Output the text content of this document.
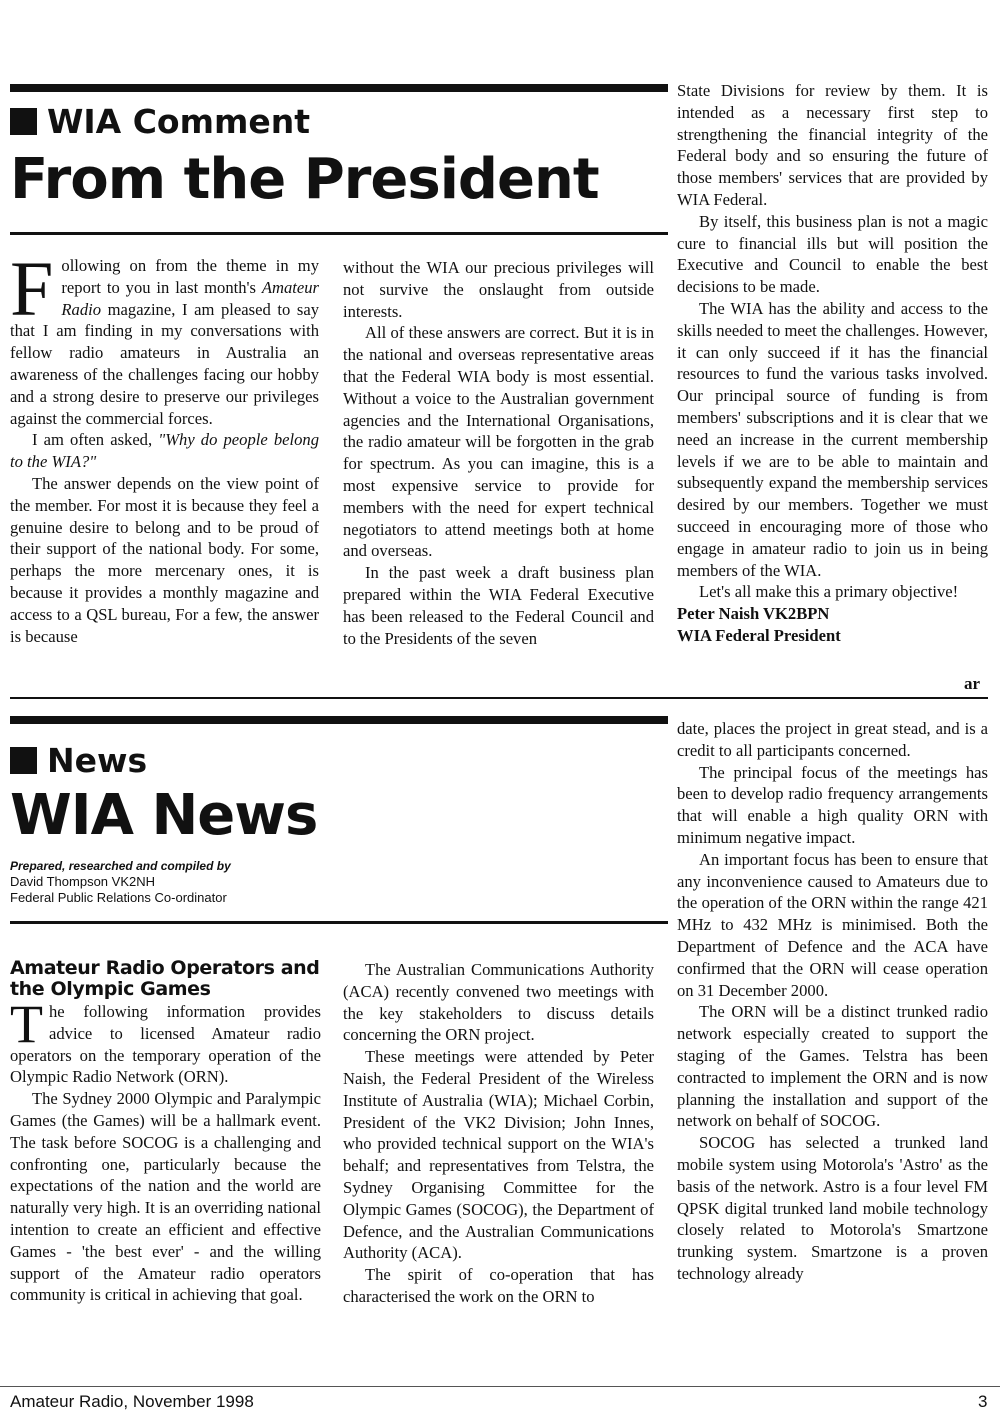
WIA Comment
From the President

Following on from the theme in my report to you in last month's Amateur Radio magazine, I am pleased to say that I am finding in my conversations with fellow radio amateurs in Australia an awareness of the challenges facing our hobby and a strong desire to preserve our privileges against the commercial forces.

I am often asked, "Why do people belong to the WIA?"

The answer depends on the view point of the member. For most it is because they feel a genuine desire to belong and to be proud of their support of the national body. For some, perhaps the more mercenary ones, it is because it provides a monthly magazine and access to a QSL bureau, For a few, the answer is because

without the WIA our precious privileges will not survive the onslaught from outside interests.

All of these answers are correct. But it is in the national and overseas representative areas that the Federal WIA body is most essential. Without a voice to the Australian government agencies and the International Organisations, the radio amateur will be forgotten in the grab for spectrum. As you can imagine, this is a most expensive service to provide for members with the need for expert technical negotiators to attend meetings both at home and overseas.

In the past week a draft business plan prepared within the WIA Federal Executive has been released to the Federal Council and to the Presidents of the seven

State Divisions for review by them. It is intended as a necessary first step to strengthening the financial integrity of the Federal body and so ensuring the future of those members' services that are provided by WIA Federal.

By itself, this business plan is not a magic cure to financial ills but will position the Executive and Council to enable the best decisions to be made.

The WIA has the ability and access to the skills needed to meet the challenges. However, it can only succeed if it has the financial resources to fund the various tasks involved. Our principal source of funding is from members' subscriptions and it is clear that we need an increase in the current membership levels if we are to be able to maintain and subsequently expand the membership services desired by our members. Together we must succeed in encouraging more of those who engage in amateur radio to join us in being members of the WIA.

Let's all make this a primary objective!

Peter Naish VK2BPN

WIA Federal President

ar
News
WIA News
Prepared, researched and compiled by
David Thompson VK2NH
Federal Public Relations Co-ordinator
Amateur Radio Operators and the Olympic Games

The following information provides advice to licensed Amateur radio operators on the temporary operation of the Olympic Radio Network (ORN).

The Sydney 2000 Olympic and Paralympic Games (the Games) will be a hallmark event. The task before SOCOG is a challenging and confronting one, particularly because the expectations of the nation and the world are naturally very high. It is an overriding national intention to create an efficient and effective Games - 'the best ever' - and the willing support of the Amateur radio operators community is critical in achieving that goal.

The Australian Communications Authority (ACA) recently convened two meetings with the key stakeholders to discuss details concerning the ORN project.

These meetings were attended by Peter Naish, the Federal President of the Wireless Institute of Australia (WIA); Michael Corbin, President of the VK2 Division; John Innes, who provided technical support on the WIA's behalf; and representatives from Telstra, the Sydney Organising Committee for the Olympic Games (SOCOG), the Department of Defence, and the Australian Communications Authority (ACA).

The spirit of co-operation that has characterised the work on the ORN to

date, places the project in great stead, and is a credit to all participants concerned.

The principal focus of the meetings has been to develop radio frequency arrangements that will enable a high quality ORN with minimum negative impact.

An important focus has been to ensure that any inconvenience caused to Amateurs due to the operation of the ORN within the range 421 MHz to 432 MHz is minimised. Both the Department of Defence and the ACA have confirmed that the ORN will cease operation on 31 December 2000.

The ORN will be a distinct trunked radio network especially created to support the staging of the Games. Telstra has been contracted to implement the ORN and is now planning the installation and support of the network on behalf of SOCOG.

SOCOG has selected a trunked land mobile system using Motorola's 'Astro' as the basis of the network. Astro is a four level FM QPSK digital trunked land mobile technology closely related to Motorola's Smartzone trunking system. Smartzone is a proven technology already

Amateur Radio, November 1998	3
